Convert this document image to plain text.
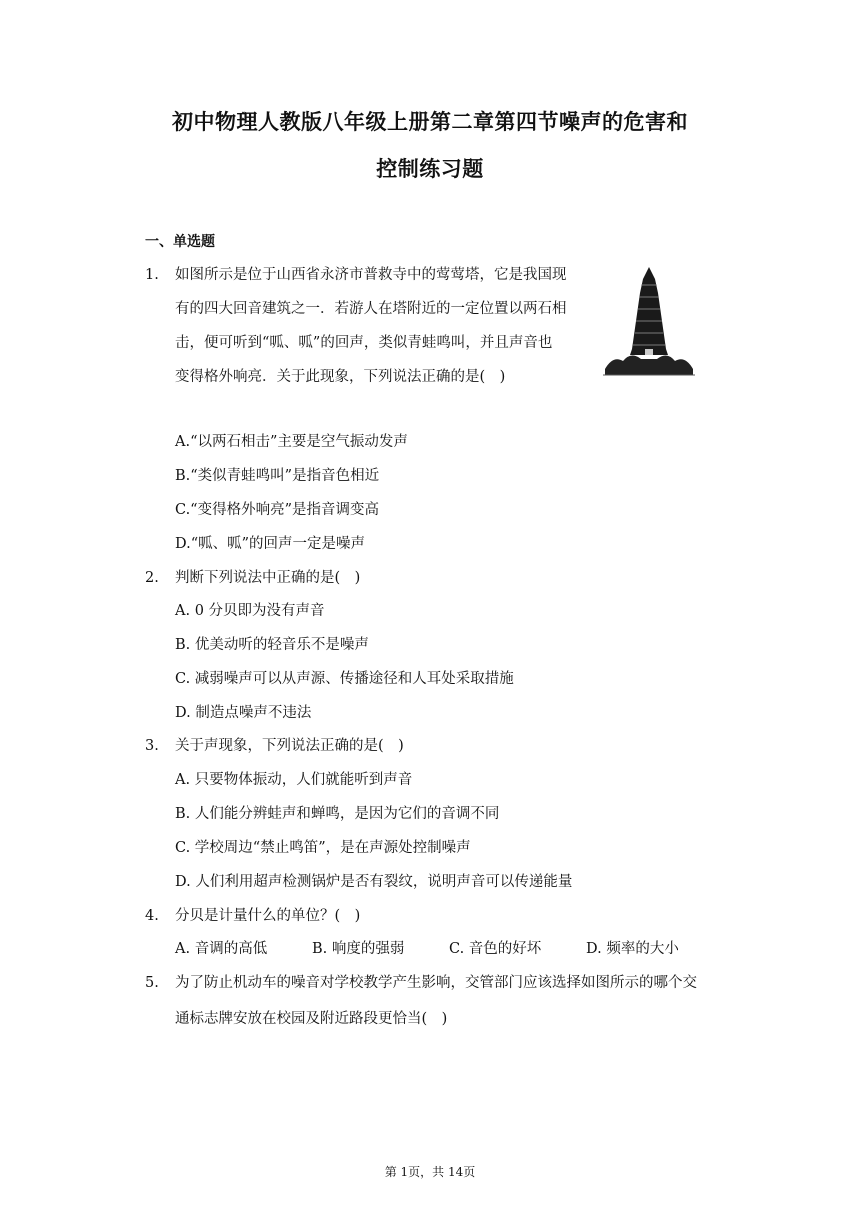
初中物理人教版八年级上册第二章第四节噪声的危害和
控制练习题
一、单选题
1. 如图所示是位于山西省永济市普救寺中的莺莺塔，它是我国现
有的四大回音建筑之一．若游人在塔附近的一定位置以两石相
击，便可听到“呱、呱”的回声，类似青蛙鸣叫，并且声音也
变得格外响亮．关于此现象，下列说法正确的是(　)
A.“以两石相击”主要是空气振动发声
B.“类似青蛙鸣叫”是指音色相近
C.“变得格外响亮”是指音调变高
D.“呱、呱”的回声一定是噪声
2. 判断下列说法中正确的是(　)
A. 0 分贝即为没有声音
B. 优美动听的轻音乐不是噪声
C. 减弱噪声可以从声源、传播途径和人耳处采取措施
D. 制造点噪声不违法
3. 关于声现象，下列说法正确的是(　)
A. 只要物体振动，人们就能听到声音
B. 人们能分辨蛙声和蝉鸣，是因为它们的音调不同
C. 学校周边“禁止鸣笛”，是在声源处控制噪声
D. 人们利用超声检测锅炉是否有裂纹，说明声音可以传递能量
4. 分贝是计量什么的单位？(　)
A. 音调的高低	B. 响度的强弱	C. 音色的好坏	D. 频率的大小
5. 为了防止机动车的噪音对学校教学产生影响，交管部门应该选择如图所示的哪个交
通标志牌安放在校园及附近路段更恰当(　)
第 1页，共 14页
